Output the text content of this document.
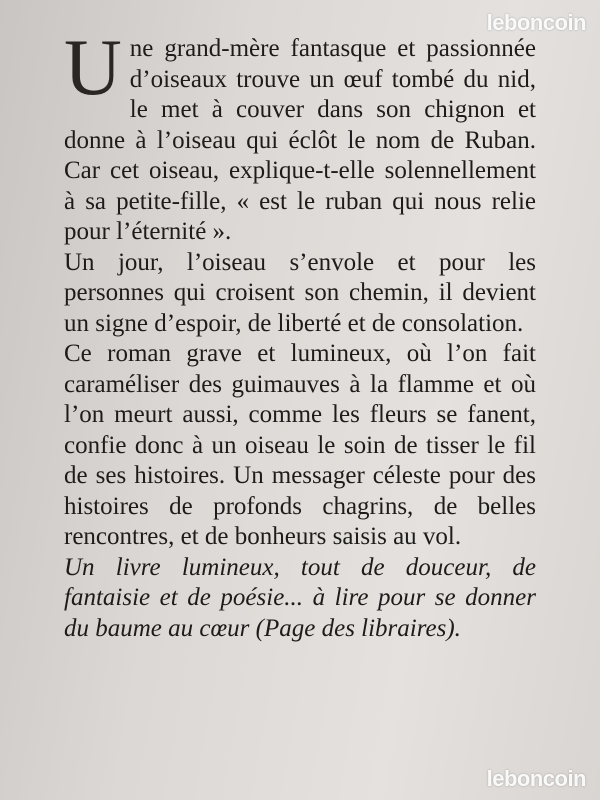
leboncoin

Une grand-mère fantasque et passionnée d’oiseaux trouve un œuf tombé du nid, le met à couver dans son chignon et donne à l’oiseau qui éclôt le nom de Ruban. Car cet oiseau, explique-t-elle solennellement à sa petite-fille, « est le ruban qui nous relie pour l’éternité ».

Un jour, l’oiseau s’envole et pour les personnes qui croisent son chemin, il devient un signe d’espoir, de liberté et de consolation.

Ce roman grave et lumineux, où l’on fait caraméliser des guimauves à la flamme et où l’on meurt aussi, comme les fleurs se fanent, confie donc à un oiseau le soin de tisser le fil de ses histoires. Un messager céleste pour des histoires de profonds chagrins, de belles rencontres, et de bonheurs saisis au vol.

Un livre lumineux, tout de douceur, de fantaisie et de poésie... à lire pour se donner du baume au cœur (Page des libraires).

leboncoin
